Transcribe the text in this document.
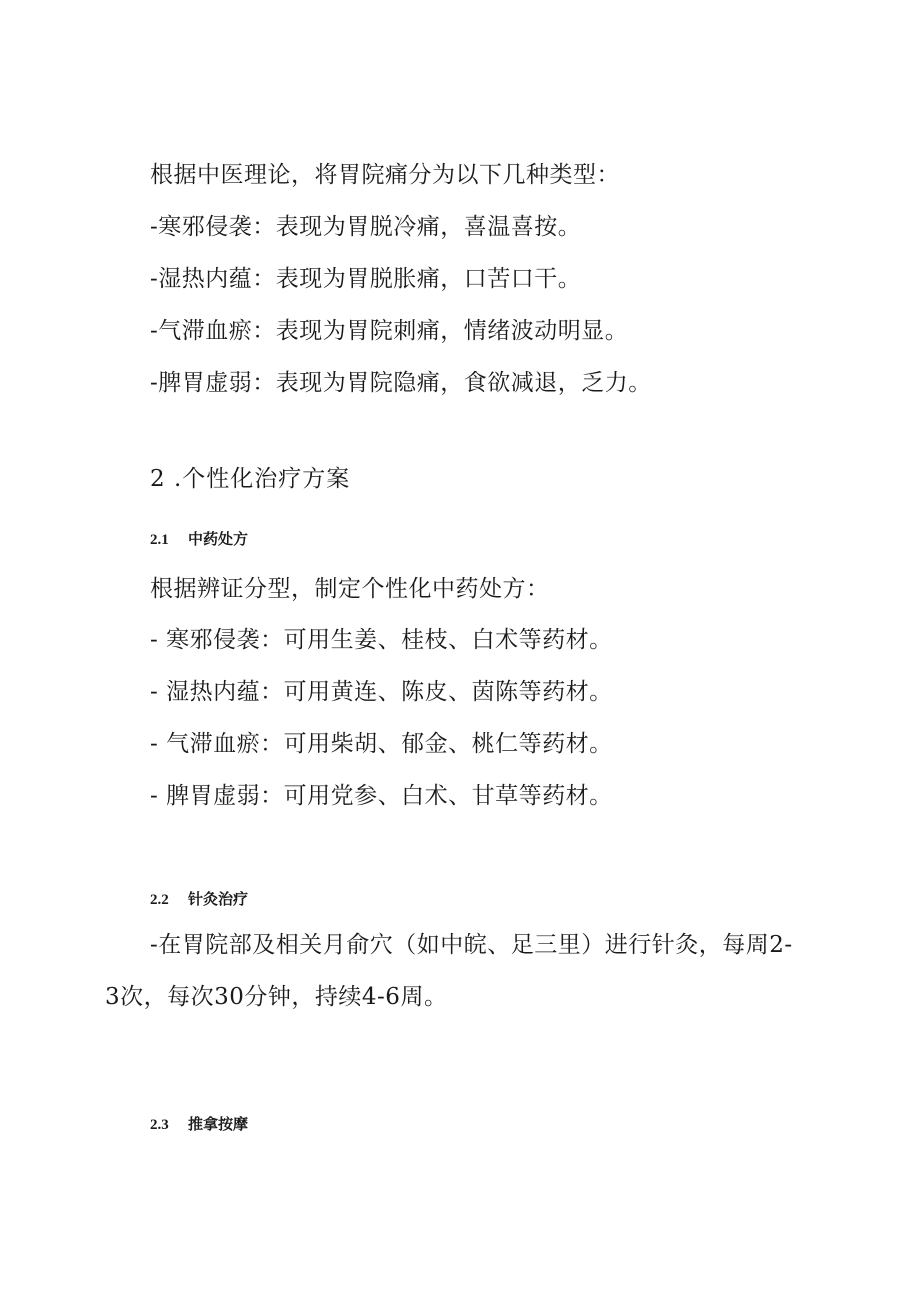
根据中医理论，将胃院痛分为以下几种类型：
-寒邪侵袭：表现为胃脱冷痛，喜温喜按。
-湿热内蕴：表现为胃脱胀痛，口苦口干。
-气滞血瘀：表现为胃院刺痛，情绪波动明显。
-脾胃虚弱：表现为胃院隐痛，食欲减退，乏力。
2 .个性化治疗方案
2.1 中药处方
根据辨证分型，制定个性化中药处方：
- 寒邪侵袭：可用生姜、桂枝、白术等药材。
- 湿热内蕴：可用黄连、陈皮、茵陈等药材。
- 气滞血瘀：可用柴胡、郁金、桃仁等药材。
- 脾胃虚弱：可用党参、白术、甘草等药材。
2.2 针灸治疗
-在胃院部及相关月俞穴（如中皖、足三里）进行针灸，每周2-3次，每次30分钟，持续4-6周。
2.3 推拿按摩
